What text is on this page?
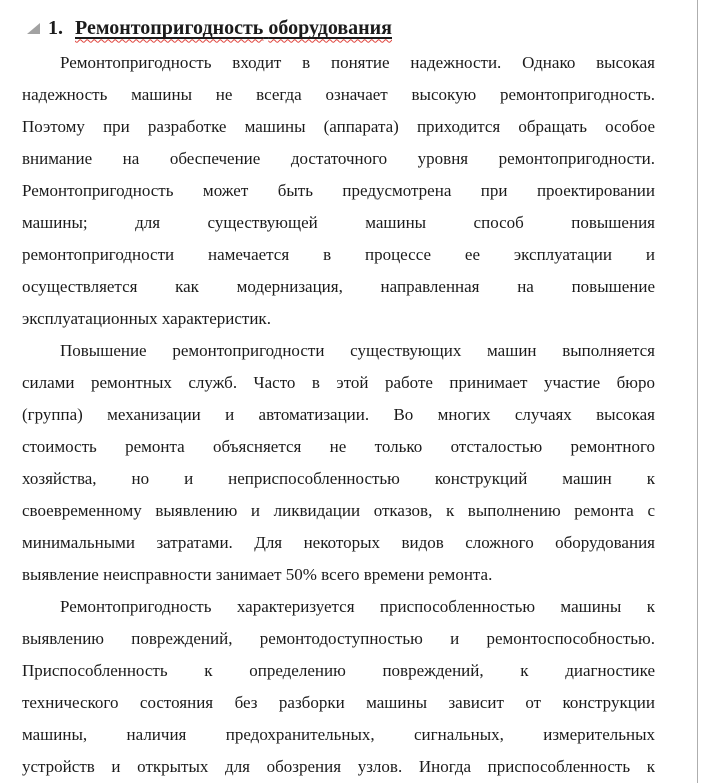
1. Ремонтопригодность оборудования
Ремонтопригодность входит в понятие надежности. Однако высокая
надежность машины не всегда означает высокую ремонтопригодность.
Поэтому при разработке машины (аппарата) приходится обращать особое
внимание на обеспечение достаточного уровня ремонтопригодности.
Ремонтопригодность может быть предусмотрена при проектировании
машины; для существующей машины способ повышения
ремонтопригодности намечается в процессе ее эксплуатации и
осуществляется как модернизация, направленная на повышение
эксплуатационных характеристик.
Повышение ремонтопригодности существующих машин выполняется
силами ремонтных служб. Часто в этой работе принимает участие бюро
(группа) механизации и автоматизации. Во многих случаях высокая
стоимость ремонта объясняется не только отсталостью ремонтного
хозяйства, но и неприспособленностью конструкций машин к
своевременному выявлению и ликвидации отказов, к выполнению ремонта с
минимальными затратами. Для некоторых видов сложного оборудования
выявление неисправности занимает 50% всего времени ремонта.
Ремонтопригодность характеризуется приспособленностью машины к
выявлению повреждений, ремонтодоступностью и ремонтоспособностью.
Приспособленность к определению повреждений, к диагностике
технического состояния без разборки машины зависит от конструкции
машины, наличия предохранительных, сигнальных, измерительных
устройств и открытых для обозрения узлов. Иногда приспособленность к
